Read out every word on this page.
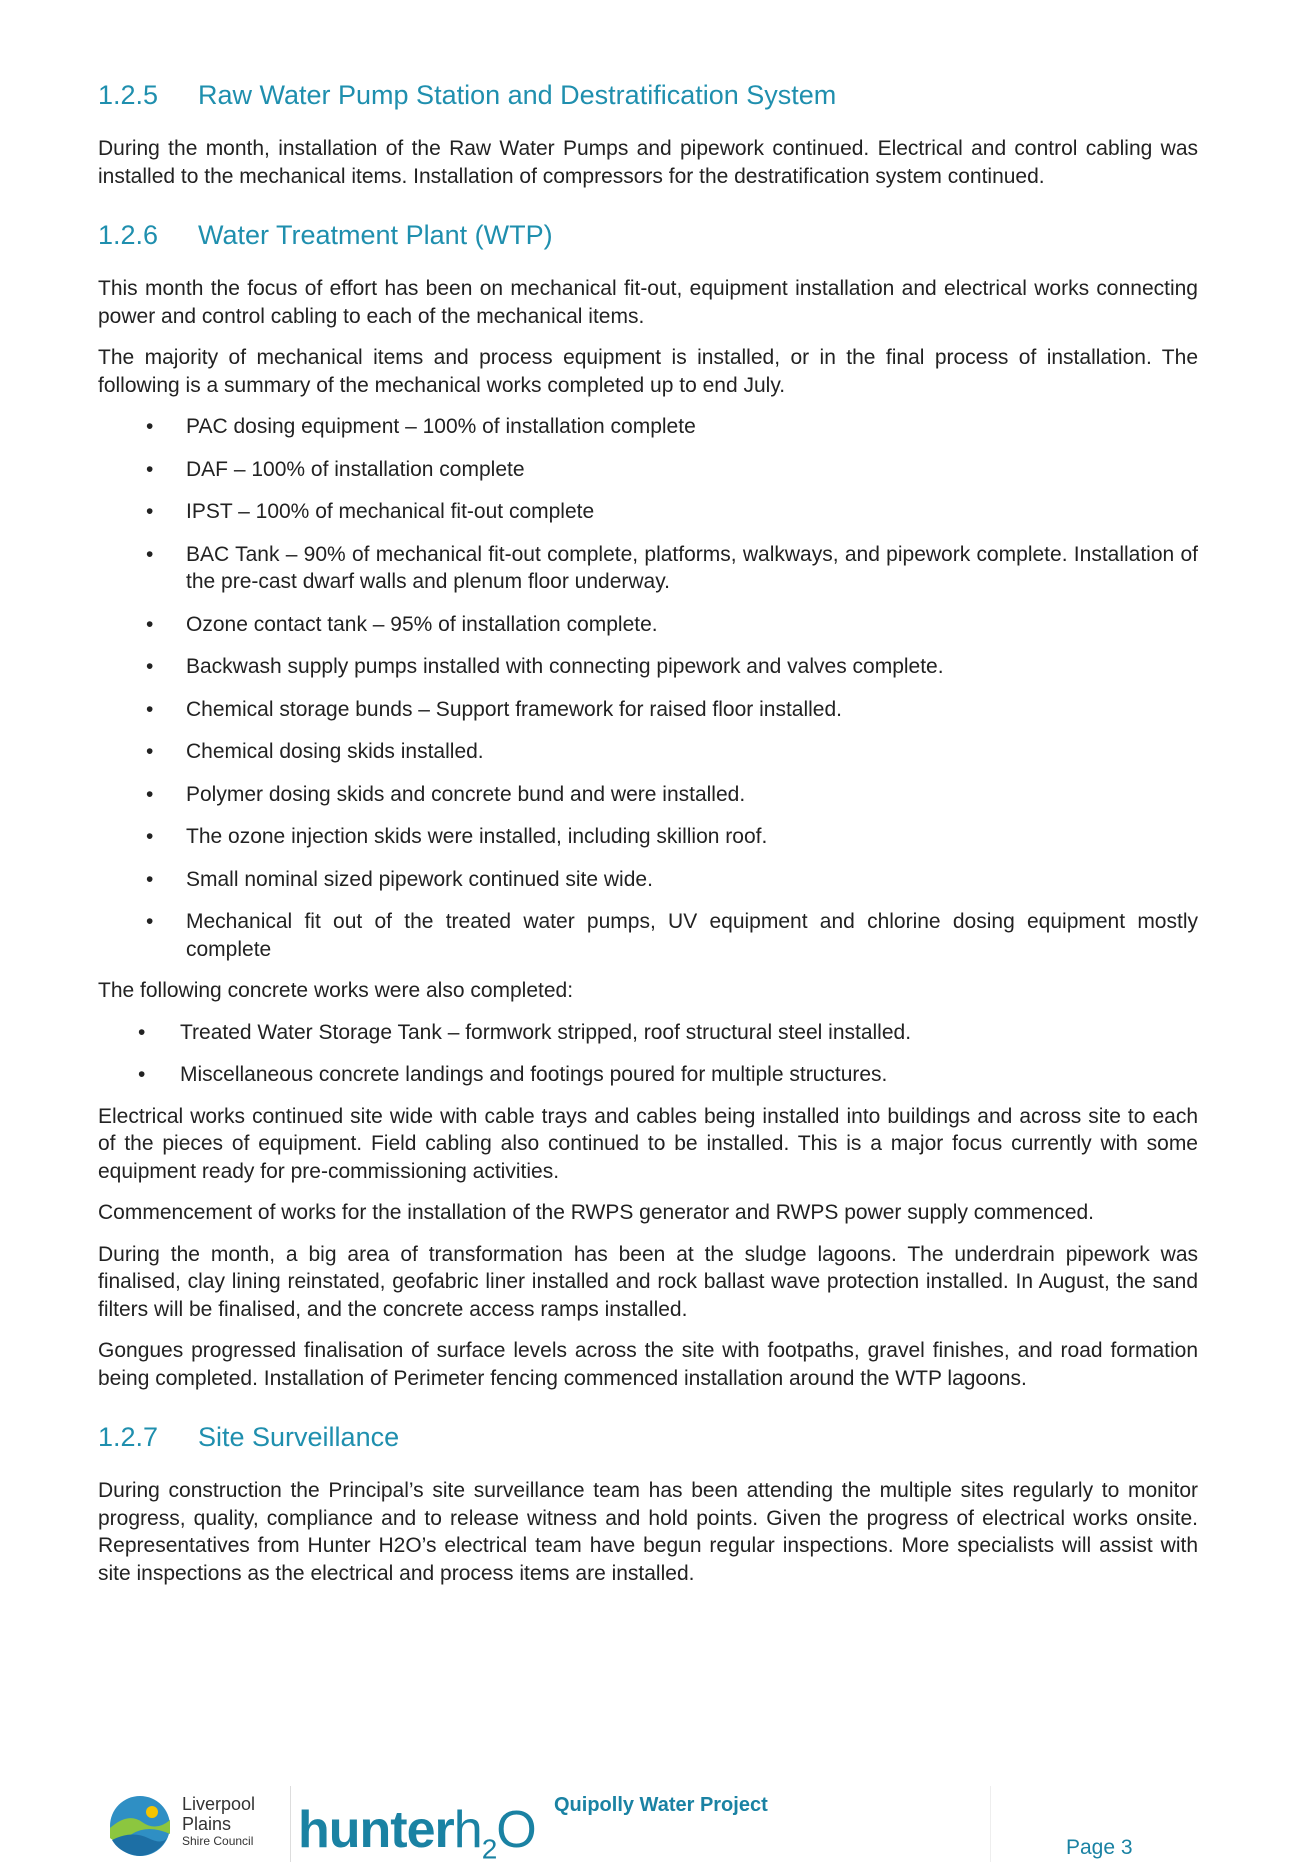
1.2.5	Raw Water Pump Station and Destratification System

During the month, installation of the Raw Water Pumps and pipework continued. Electrical and control cabling was installed to the mechanical items. Installation of compressors for the destratification system continued.

1.2.6	Water Treatment Plant (WTP)

This month the focus of effort has been on mechanical fit-out, equipment installation and electrical works connecting power and control cabling to each of the mechanical items.

The majority of mechanical items and process equipment is installed, or in the final process of installation. The following is a summary of the mechanical works completed up to end July.

•	PAC dosing equipment – 100% of installation complete
•	DAF – 100% of installation complete
•	IPST – 100% of mechanical fit-out complete
•	BAC Tank – 90% of mechanical fit-out complete, platforms, walkways, and pipework complete. Installation of the pre-cast dwarf walls and plenum floor underway.
•	Ozone contact tank – 95% of installation complete.
•	Backwash supply pumps installed with connecting pipework and valves complete.
•	Chemical storage bunds – Support framework for raised floor installed.
•	Chemical dosing skids installed.
•	Polymer dosing skids and concrete bund and were installed.
•	The ozone injection skids were installed, including skillion roof.
•	Small nominal sized pipework continued site wide.
•	Mechanical fit out of the treated water pumps, UV equipment and chlorine dosing equipment mostly complete

The following concrete works were also completed:

•	Treated Water Storage Tank – formwork stripped, roof structural steel installed.
•	Miscellaneous concrete landings and footings poured for multiple structures.

Electrical works continued site wide with cable trays and cables being installed into buildings and across site to each of the pieces of equipment. Field cabling also continued to be installed. This is a major focus currently with some equipment ready for pre-commissioning activities.

Commencement of works for the installation of the RWPS generator and RWPS power supply commenced.

During the month, a big area of transformation has been at the sludge lagoons. The underdrain pipework was finalised, clay lining reinstated, geofabric liner installed and rock ballast wave protection installed. In August, the sand filters will be finalised, and the concrete access ramps installed.

Gongues progressed finalisation of surface levels across the site with footpaths, gravel finishes, and road formation being completed. Installation of Perimeter fencing commenced installation around the WTP lagoons.

1.2.7	Site Surveillance

During construction the Principal’s site surveillance team has been attending the multiple sites regularly to monitor progress, quality, compliance and to release witness and hold points. Given the progress of electrical works onsite. Representatives from Hunter H2O’s electrical team have begun regular inspections. More specialists will assist with site inspections as the electrical and process items are installed.

Liverpool
Plains
Shire Council hunterh$_2$O Quipolly Water Project
Page 3
